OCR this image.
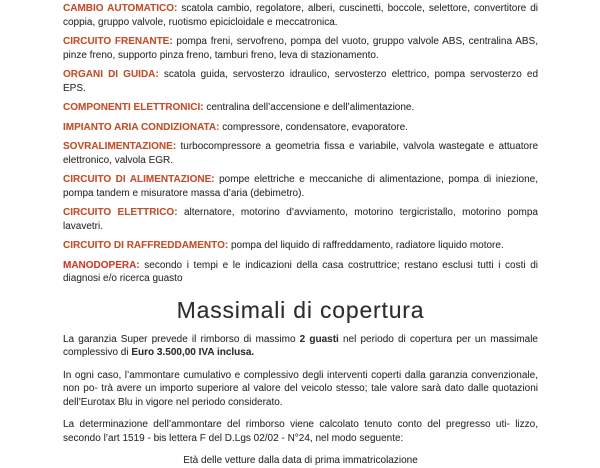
CAMBIO AUTOMATICO: scatola cambio, regolatore, alberi, cuscinetti, boccole, selettore, convertitore di coppia, gruppo valvole, ruotismo epicicloidale e meccatronica.

CIRCUITO FRENANTE: pompa freni, servofreno, pompa del vuoto, gruppo valvole ABS, centralina ABS, pinze freno, supporto pinza freno, tamburi freno, leva di stazionamento.

ORGANI DI GUIDA: scatola guida, servosterzo idraulico, servosterzo elettrico, pompa servosterzo ed EPS.

COMPONENTI ELETTRONICI: centralina dell’accensione e dell’alimentazione.

IMPIANTO ARIA CONDIZIONATA: compressore, condensatore, evaporatore.

SOVRALIMENTAZIONE: turbocompressore a geometria fissa e variabile, valvola wastegate e attuatore elettronico, valvola EGR.

CIRCUITO DI ALIMENTAZIONE: pompe elettriche e meccaniche di alimentazione, pompa di iniezione, pompa tandem e misuratore massa d’aria (debimetro).

CIRCUITO ELETTRICO: alternatore, motorino d’avviamento, motorino tergicristallo, motorino pompa lavavetri.

CIRCUITO DI RAFFREDDAMENTO: pompa del liquido di raffreddamento, radiatore liquido motore.

MANODOPERA: secondo i tempi e le indicazioni della casa costruttrice; restano esclusi tutti i costi di diagnosi e/o ricerca guasto

Massimali di copertura

La garanzia Super prevede il rimborso di massimo 2 guasti nel periodo di copertura per un massimale complessivo di Euro 3.500,00 IVA inclusa.

In ogni caso, l’ammontare cumulativo e complessivo degli interventi coperti dalla garanzia convenzionale, non po- trà avere un importo superiore al valore del veicolo stesso; tale valore sarà dato dalle quotazioni dell’Eurotax Blu in vigore nel periodo considerato.

La determinazione dell’ammontare del rimborso viene calcolato tenuto conto del pregresso uti- lizzo, secondo l’art 1519 - bis lettera F del D.Lgs 02/02 - N°24, nel modo seguente:

Età delle vetture dalla data di prima immatricolazione
